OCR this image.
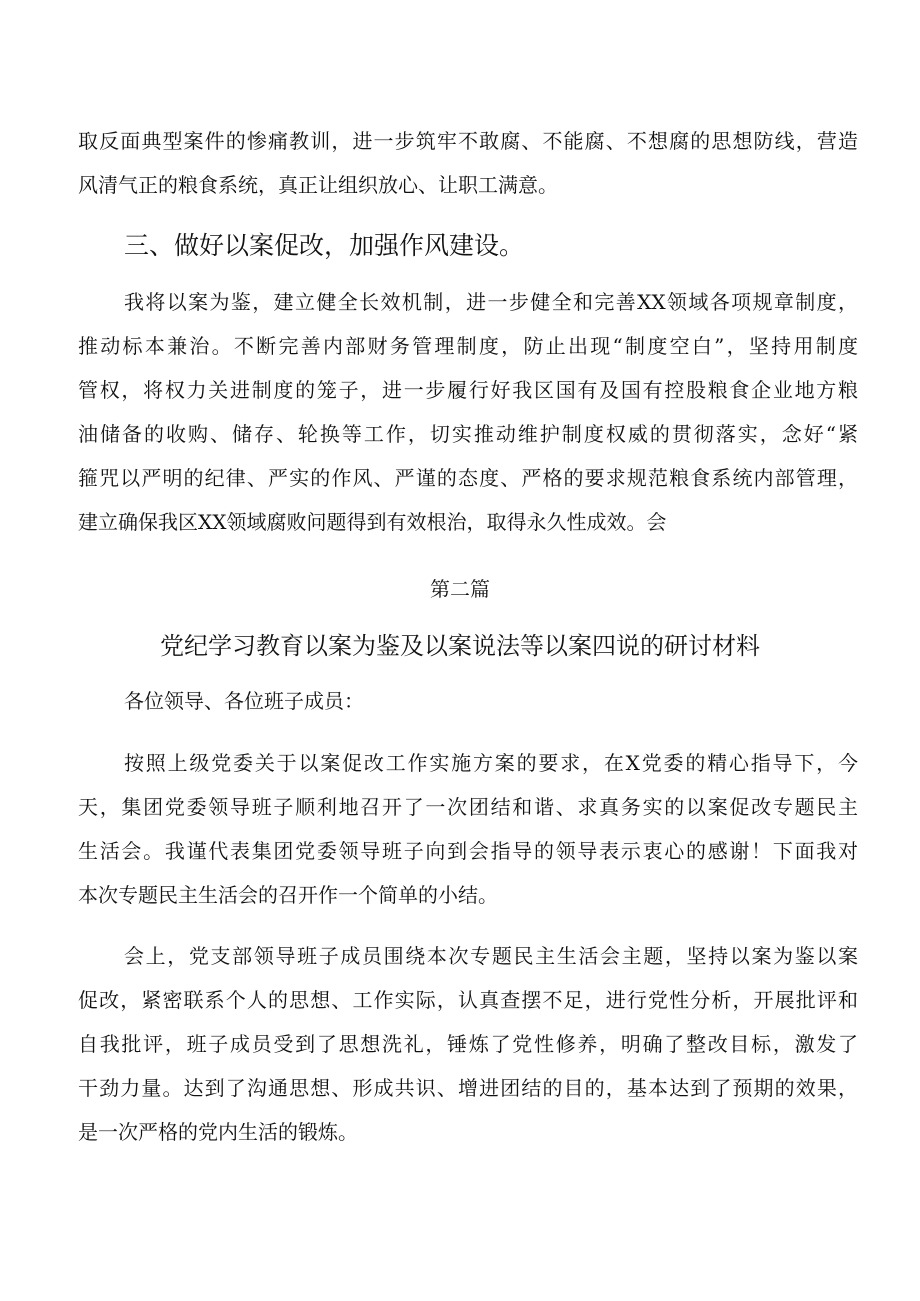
取反面典型案件的惨痛教训，进一步筑牢不敢腐、不能腐、不想腐的思想防线，营造
风清气正的粮食系统，真正让组织放心、让职工满意。
三、做好以案促改，加强作风建设。
我将以案为鉴，建立健全长效机制，进一步健全和完善XX领域各项规章制度，
推动标本兼治。不断完善内部财务管理制度，防止出现“制度空白”，坚持用制度
管权，将权力关进制度的笼子，进一步履行好我区国有及国有控股粮食企业地方粮
油储备的收购、储存、轮换等工作，切实推动维护制度权威的贯彻落实，念好“紧
箍咒以严明的纪律、严实的作风、严谨的态度、严格的要求规范粮食系统内部管理，
建立确保我区XX领域腐败问题得到有效根治，取得永久性成效。会
第二篇
党纪学习教育以案为鉴及以案说法等以案四说的研讨材料
各位领导、各位班子成员：
按照上级党委关于以案促改工作实施方案的要求，在X党委的精心指导下，今
天，集团党委领导班子顺利地召开了一次团结和谐、求真务实的以案促改专题民主
生活会。我谨代表集团党委领导班子向到会指导的领导表示衷心的感谢！下面我对
本次专题民主生活会的召开作一个简单的小结。
会上，党支部领导班子成员围绕本次专题民主生活会主题，坚持以案为鉴以案
促改，紧密联系个人的思想、工作实际，认真查摆不足，进行党性分析，开展批评和
自我批评，班子成员受到了思想洗礼，锤炼了党性修养，明确了整改目标，激发了
干劲力量。达到了沟通思想、形成共识、增进团结的目的，基本达到了预期的效果，
是一次严格的党内生活的锻炼。
